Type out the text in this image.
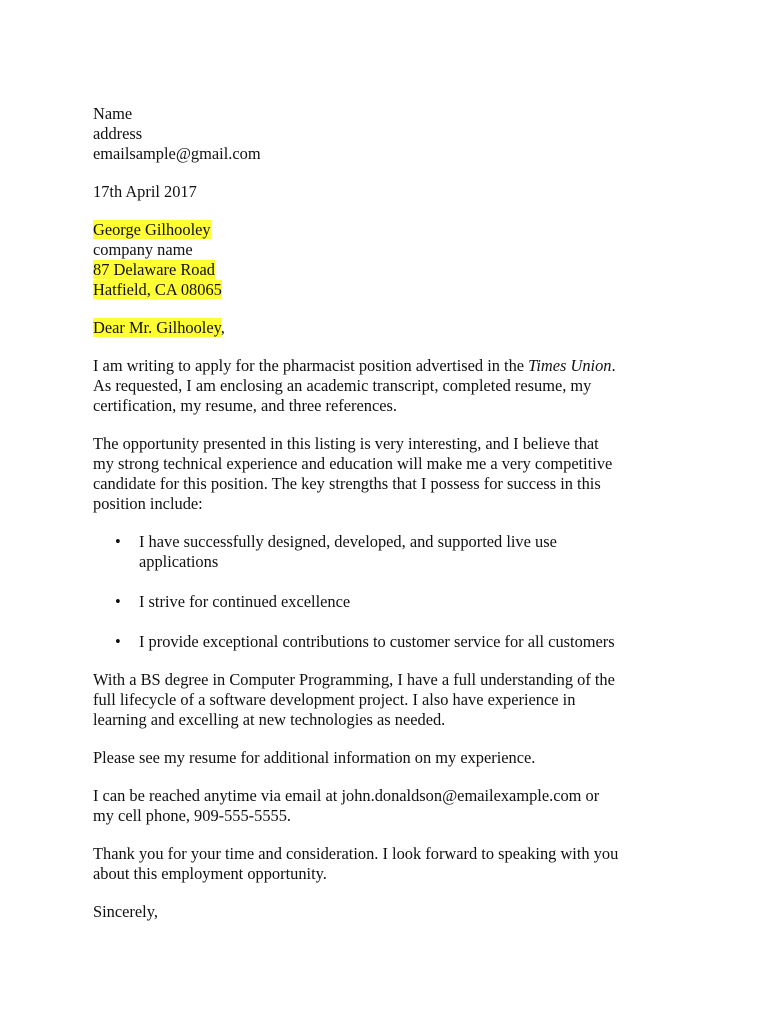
Name
address
emailsample@gmail.com
17th April 2017
George Gilhooley
company name
87 Delaware Road
Hatfield, CA 08065
Dear Mr. Gilhooley,

I am writing to apply for the pharmacist position advertised in the Times Union.
As requested, I am enclosing an academic transcript, completed resume, my
certification, my resume, and three references.

The opportunity presented in this listing is very interesting, and I believe that
my strong technical experience and education will make me a very competitive
candidate for this position. The key strengths that I possess for success in this
position include:

• I have successfully designed, developed, and supported live use
applications
• I strive for continued excellence
• I provide exceptional contributions to customer service for all customers

With a BS degree in Computer Programming, I have a full understanding of the
full lifecycle of a software development project. I also have experience in
learning and excelling at new technologies as needed.

Please see my resume for additional information on my experience.

I can be reached anytime via email at john.donaldson@emailexample.com or
my cell phone, 909-555-5555.

Thank you for your time and consideration. I look forward to speaking with you
about this employment opportunity.

Sincerely,
